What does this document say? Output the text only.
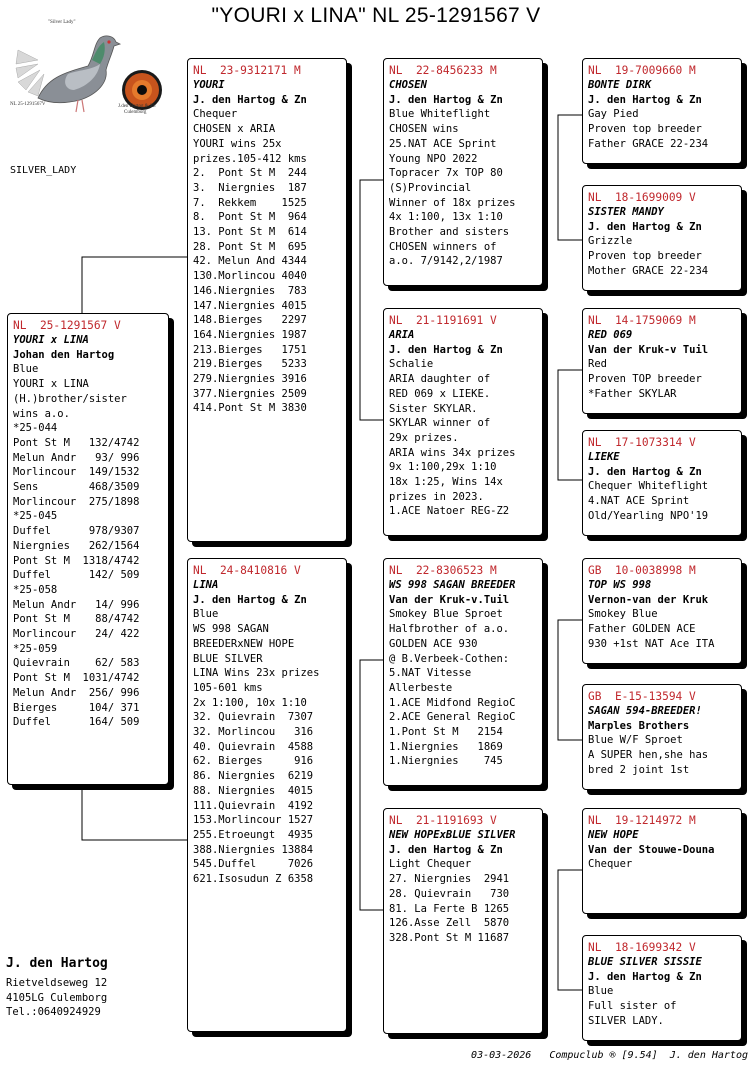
"YOURI x LINA" NL 25-1291567 V
"Silver Lady"
NL 25-1291567V	J.den Hartog & Zn
Culemborg
SILVER_LADY
NL  25-1291567 V
YOURI x LINA
Johan den Hartog
Blue
YOURI x LINA
(H.)brother/sister
wins a.o.
*25-044
Pont St M   132/4742
Melun Andr   93/ 996
Morlincour  149/1532
Sens        468/3509
Morlincour  275/1898
*25-045
Duffel      978/9307
Niergnies   262/1564
Pont St M  1318/4742
Duffel      142/ 509
*25-058
Melun Andr   14/ 996
Pont St M    88/4742
Morlincour   24/ 422
*25-059
Quievrain    62/ 583
Pont St M  1031/4742
Melun Andr  256/ 996
Bierges     104/ 371
Duffel      164/ 509
NL  23-9312171 M
YOURI
J. den Hartog & Zn
Chequer
CHOSEN x ARIA
YOURI wins 25x
prizes.105-412 kms
2.  Pont St M  244
3.  Niergnies  187
7.  Rekkem    1525
8.  Pont St M  964
13. Pont St M  614
28. Pont St M  695
42. Melun And 4344
130.Morlincou 4040
146.Niergnies  783
147.Niergnies 4015
148.Bierges   2297
164.Niergnies 1987
213.Bierges   1751
219.Bierges   5233
279.Niergnies 3916
377.Niergnies 2509
414.Pont St M 3830
NL  24-8410816 V
LINA
J. den Hartog & Zn
Blue
WS 998 SAGAN
BREEDERxNEW HOPE
BLUE SILVER
LINA Wins 23x prizes
105-601 kms
2x 1:100, 10x 1:10
32. Quievrain  7307
32. Morlincou   316
40. Quievrain  4588
62. Bierges     916
86. Niergnies  6219
88. Niergnies  4015
111.Quievrain  4192
153.Morlincour 1527
255.Etroeungt  4935
388.Niergnies 13884
545.Duffel     7026
621.Isosudun Z 6358
NL  22-8456233 M
CHOSEN
J. den Hartog & Zn
Blue Whiteflight
CHOSEN wins
25.NAT ACE Sprint
Young NPO 2022
Topracer 7x TOP 80
(S)Provincial
Winner of 18x prizes
4x 1:100, 13x 1:10
Brother and sisters
CHOSEN winners of
a.o. 7/9142,2/1987
NL  21-1191691 V
ARIA
J. den Hartog & Zn
Schalie
ARIA daughter of
RED 069 x LIEKE.
Sister SKYLAR.
SKYLAR winner of
29x prizes.
ARIA wins 34x prizes
9x 1:100,29x 1:10
18x 1:25, Wins 14x
prizes in 2023.
1.ACE Natoer REG-Z2
NL  22-8306523 M
WS 998 SAGAN BREEDER
Van der Kruk-v.Tuil
Smokey Blue Sproet
Halfbrother of a.o.
GOLDEN ACE 930
@ B.Verbeek-Cothen:
5.NAT Vitesse
Allerbeste
1.ACE Midfond RegioC
2.ACE General RegioC
1.Pont St M   2154
1.Niergnies   1869
1.Niergnies    745
NL  21-1191693 V
NEW HOPExBLUE SILVER
J. den Hartog & Zn
Light Chequer
27. Niergnies  2941
28. Quievrain   730
81. La Ferte B 1265
126.Asse Zell  5870
328.Pont St M 11687
NL  19-7009660 M
BONTE DIRK
J. den Hartog & Zn
Gay Pied
Proven top breeder
Father GRACE 22-234
NL  18-1699009 V
SISTER MANDY
J. den Hartog & Zn
Grizzle
Proven top breeder
Mother GRACE 22-234
NL  14-1759069 M
RED 069
Van der Kruk-v Tuil
Red
Proven TOP breeder
*Father SKYLAR
NL  17-1073314 V
LIEKE
J. den Hartog & Zn
Chequer Whiteflight
4.NAT ACE Sprint
Old/Yearling NPO'19
GB  10-0038998 M
TOP WS 998
Vernon-van der Kruk
Smokey Blue
Father GOLDEN ACE
930 +1st NAT Ace ITA
GB  E-15-13594 V
SAGAN 594-BREEDER!
Marples Brothers
Blue W/F Sproet
A SUPER hen,she has
bred 2 joint 1st
NL  19-1214972 M
NEW HOPE
Van der Stouwe-Douna
Chequer
NL  18-1699342 V
BLUE SILVER SISSIE
J. den Hartog & Zn
Blue
Full sister of
SILVER LADY.
J. den Hartog
Rietveldseweg 12
4105LG Culemborg
Tel.:0640924929
03-03-2026   Compuclub ® [9.54]  J. den Hartog
